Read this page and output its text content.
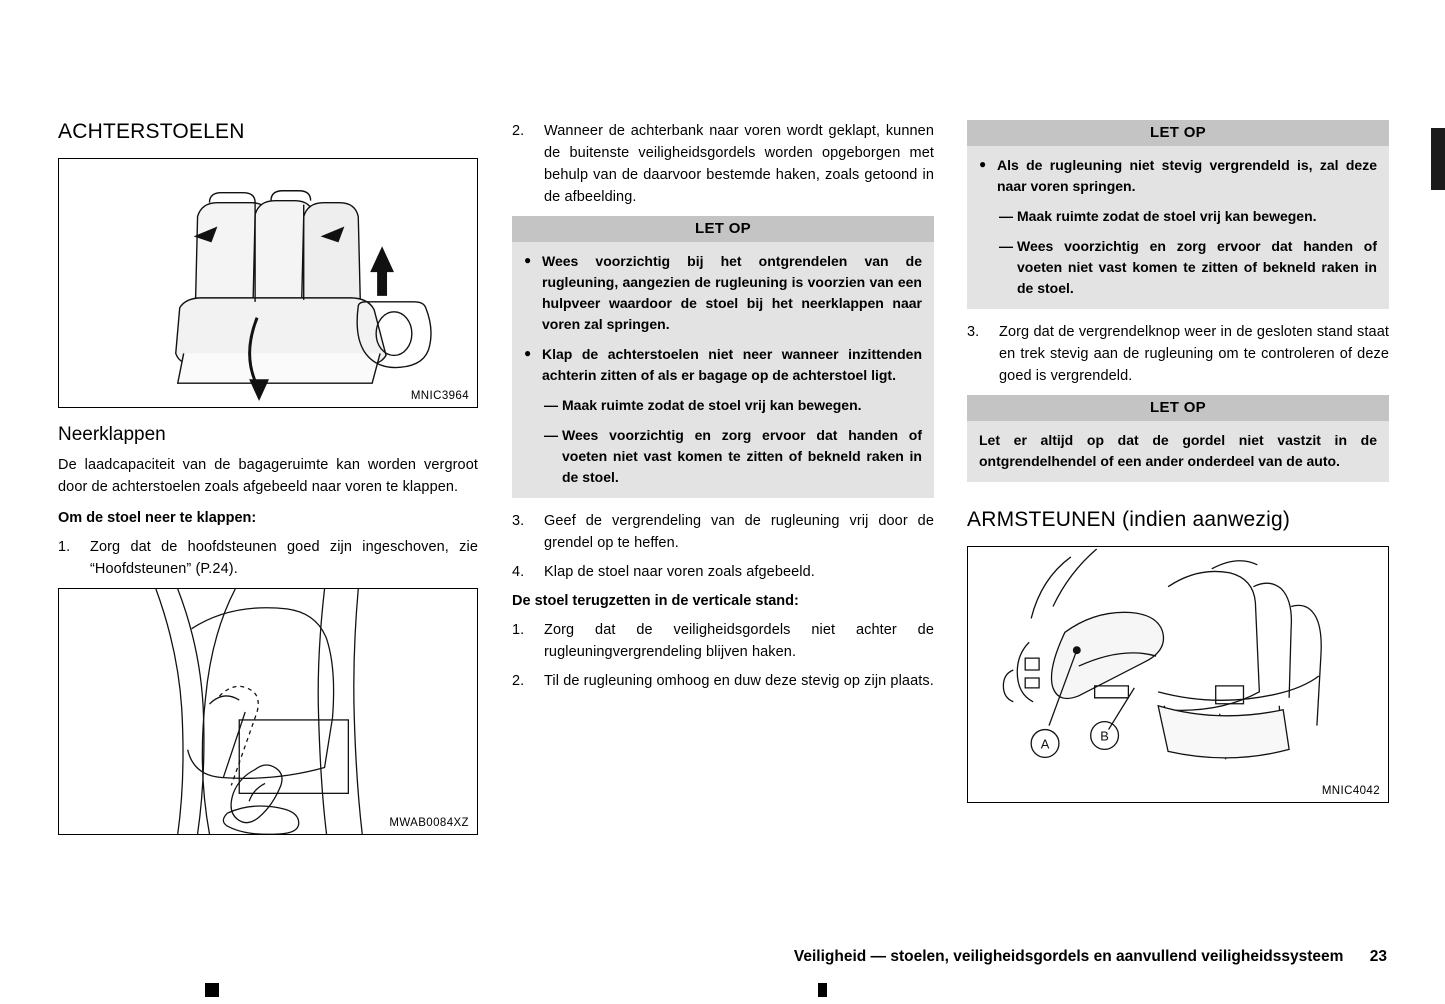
ACHTERSTOELEN
MNIC3964
Neerklappen

De laadcapaciteit van de bagageruimte kan worden vergroot door de achterstoelen zoals afgebeeld naar voren te klappen.

Om de stoel neer te klappen:

1.	Zorg dat de hoofdsteunen goed zijn ingeschoven, zie “Hoofdsteunen” (P.24).
MWAB0084XZ
2.	Wanneer de achterbank naar voren wordt geklapt, kunnen de buitenste veiligheidsgordels worden opgeborgen met behulp van de daarvoor bestemde haken, zoals getoond in de afbeelding.
LET OP
● Wees voorzichtig bij het ontgrendelen van de rugleuning, aangezien de rugleuning is voorzien van een hulpveer waardoor de stoel bij het neerklappen naar voren zal springen.
● Klap de achterstoelen niet neer wanneer inzittenden achterin zitten of als er bagage op de achterstoel ligt.
— Maak ruimte zodat de stoel vrij kan bewegen.
— Wees voorzichtig en zorg ervoor dat handen of voeten niet vast komen te zitten of bekneld raken in de stoel.
3.	Geef de vergrendeling van de rugleuning vrij door de grendel op te heffen.
4.	Klap de stoel naar voren zoals afgebeeld.

De stoel terugzetten in de verticale stand:

1.	Zorg dat de veiligheidsgordels niet achter de rugleuningvergrendeling blijven haken.
2.	Til de rugleuning omhoog en duw deze stevig op zijn plaats.
LET OP
● Als de rugleuning niet stevig vergrendeld is, zal deze naar voren springen.
— Maak ruimte zodat de stoel vrij kan bewegen.
— Wees voorzichtig en zorg ervoor dat handen of voeten niet vast komen te zitten of bekneld raken in de stoel.
3.	Zorg dat de vergrendelknop weer in de gesloten stand staat en trek stevig aan de rugleuning om te controleren of deze goed is vergrendeld.
LET OP
Let er altijd op dat de gordel niet vastzit in de ontgrendelhendel of een ander onderdeel van de auto.
ARMSTEUNEN (indien aanwezig)
A
B
MNIC4042
Veiligheid — stoelen, veiligheidsgordels en aanvullend veiligheidssysteem 23
